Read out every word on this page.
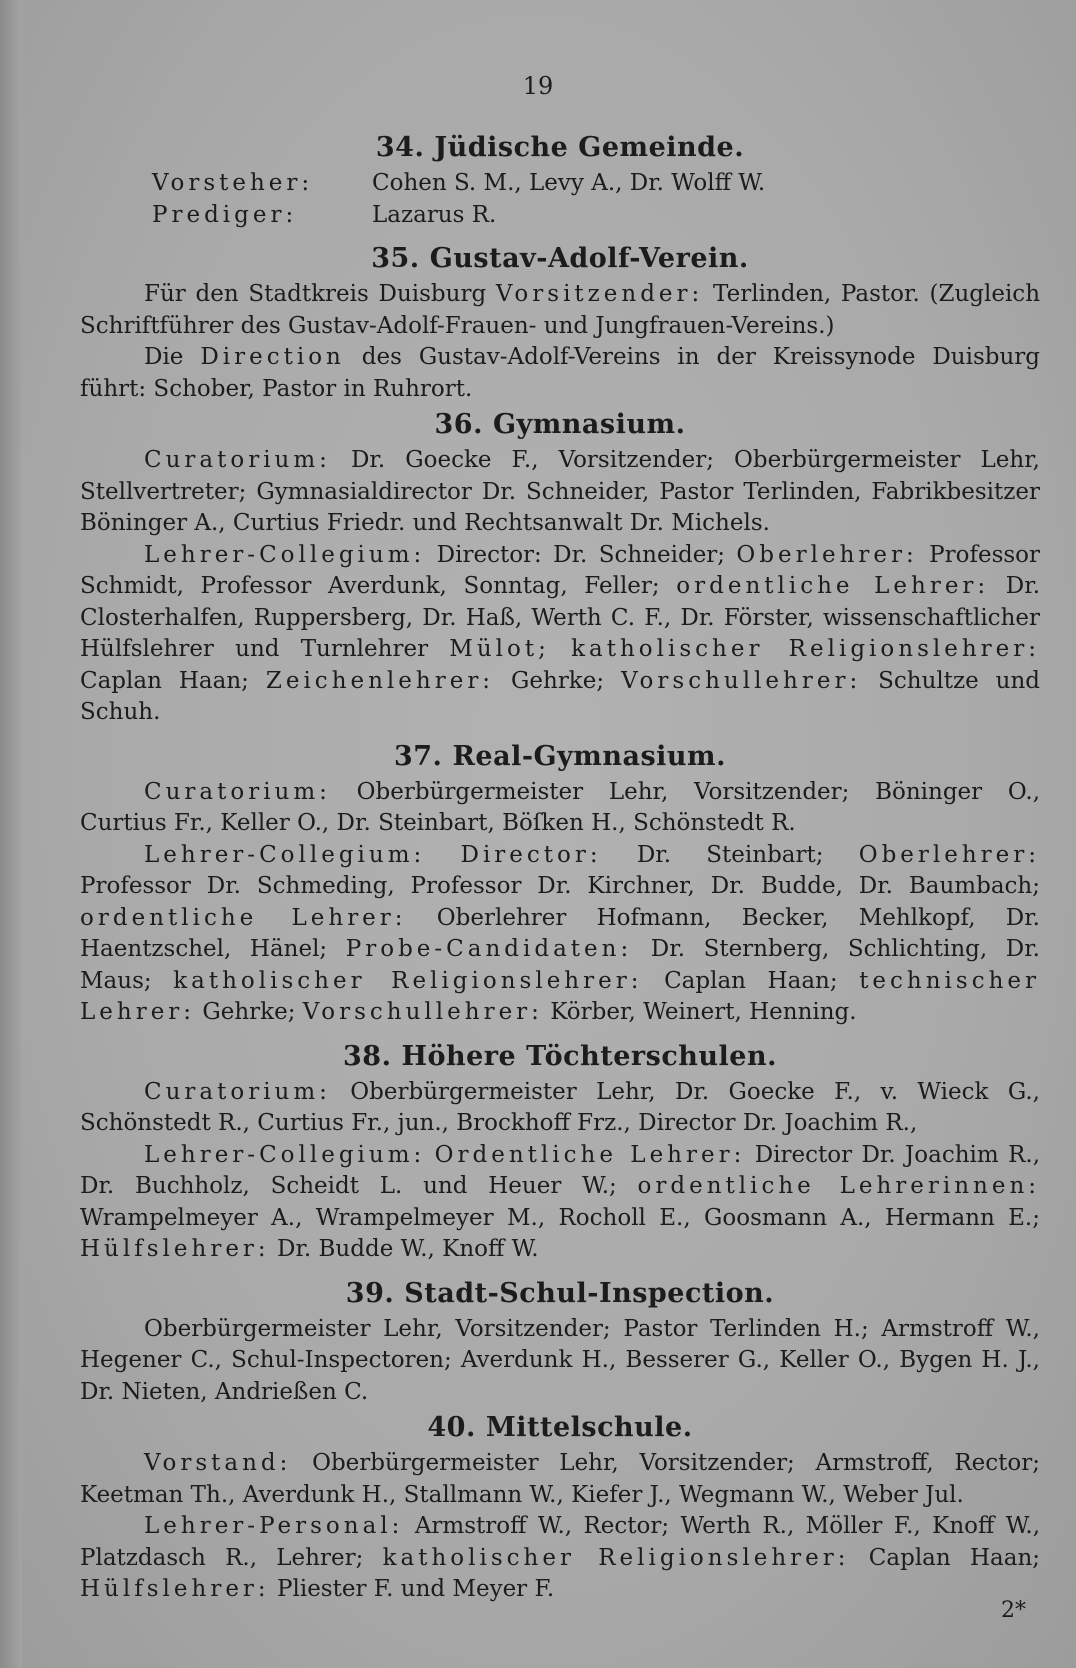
19
34. Jüdische Gemeinde.
Vorsteher:	Cohen S. M., Levy A., Dr. Wolff W.
Prediger:	Lazarus R.
35. Gustav-Adolf-Verein.

Für den Stadtkreis Duisburg Vorsitzender: Terlinden, Pastor. (Zugleich Schriftführer des Gustav-Adolf-Frauen- und Jungfrauen-Vereins.)

Die Direction des Gustav-Adolf-Vereins in der Kreissynode Duisburg führt: Schober, Pastor in Ruhrort.

36. Gymnasium.

Curatorium: Dr. Goecke F., Vorsitzender; Oberbürgermeister Lehr, Stellvertreter; Gymnasialdirector Dr. Schneider, Pastor Terlinden, Fabrikbesitzer Böninger A., Curtius Friedr. und Rechtsanwalt Dr. Michels.

Lehrer-Collegium: Director: Dr. Schneider; Oberlehrer: Professor Schmidt, Professor Averdunk, Sonntag, Feller; ordentliche Lehrer: Dr. Closterhalfen, Ruppersberg, Dr. Haß, Werth C. F., Dr. Förster, wissenschaftlicher Hülfslehrer und Turnlehrer Mülot; katholischer Religionslehrer: Caplan Haan; Zeichenlehrer: Gehrke; Vorschullehrer: Schultze und Schuh.

37. Real-Gymnasium.

Curatorium: Oberbürgermeister Lehr, Vorsitzender; Böninger O., Curtius Fr., Keller O., Dr. Steinbart, Böſken H., Schönstedt R.

Lehrer-Collegium: Director: Dr. Steinbart; Oberlehrer: Professor Dr. Schmeding, Professor Dr. Kirchner, Dr. Budde, Dr. Baumbach; ordentliche Lehrer: Oberlehrer Hofmann, Becker, Mehlkopf, Dr. Haentzschel, Hänel; Probe-Candidaten: Dr. Sternberg, Schlichting, Dr. Maus; katholischer Religionslehrer: Caplan Haan; technischer Lehrer: Gehrke; Vorschullehrer: Körber, Weinert, Henning.

38. Höhere Töchterschulen.

Curatorium: Oberbürgermeister Lehr, Dr. Goecke F., v. Wieck G., Schönstedt R., Curtius Fr., jun., Brockhoff Frz., Director Dr. Joachim R.,

Lehrer-Collegium: Ordentliche Lehrer: Director Dr. Joachim R., Dr. Buchholz, Scheidt L. und Heuer W.; ordentliche Lehrerinnen: Wrampelmeyer A., Wrampelmeyer M., Rocholl E., Goosmann A., Hermann E.; Hülfslehrer: Dr. Budde W., Knoff W.

39. Stadt-Schul-Inspection.

Oberbürgermeister Lehr, Vorsitzender; Pastor Terlinden H.; Armstroff W., Hegener C., Schul-Inspectoren; Averdunk H., Besserer G., Keller O., Bygen H. J., Dr. Nieten, Andrießen C.

40. Mittelschule.

Vorstand: Oberbürgermeister Lehr, Vorsitzender; Armstroff, Rector; Keetman Th., Averdunk H., Stallmann W., Kiefer J., Wegmann W., Weber Jul.

Lehrer-Personal: Armstroff W., Rector; Werth R., Möller F., Knoff W., Platzdasch R., Lehrer; katholischer Religionslehrer: Caplan Haan; Hülfslehrer: Pliester F. und Meyer F.

2*
